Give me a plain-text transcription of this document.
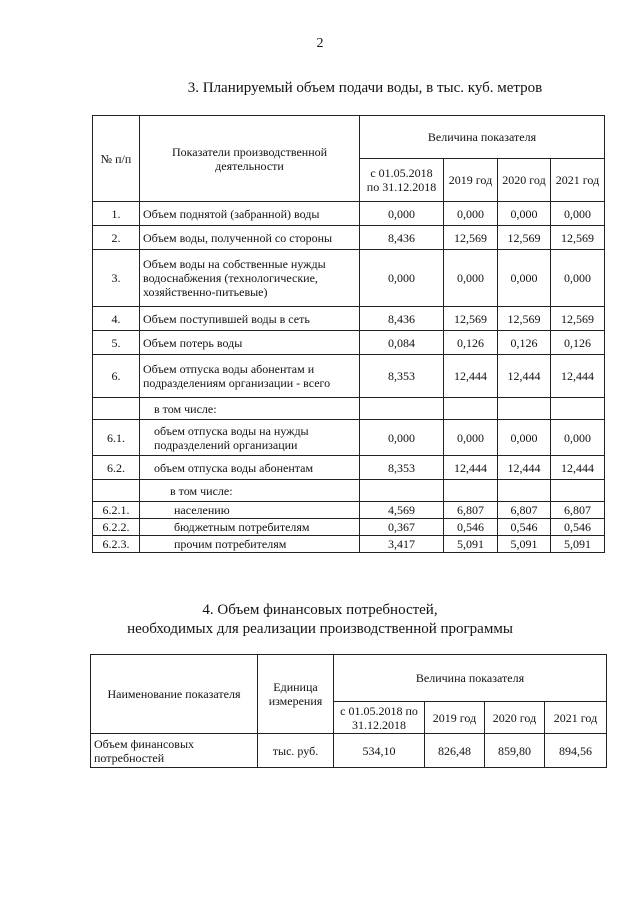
2
3. Планируемый объем подачи воды, в тыс. куб. метров
№ п/п	Показатели производственной деятельности	Величина показателя			
		с 01.05.2018 по 31.12.2018	2019 год	2020 год	2021 год
1.	Объем поднятой (забранной) воды	0,000	0,000	0,000	0,000
2.	Объем воды, полученной со стороны	8,436	12,569	12,569	12,569
3.	Объем воды на собственные нужды водоснабжения (технологические, хозяйственно-питьевые)	0,000	0,000	0,000	0,000
4.	Объем поступившей воды в сеть	8,436	12,569	12,569	12,569
5.	Объем потерь воды	0,084	0,126	0,126	0,126
6.	Объем отпуска воды абонентам и подразделениям организации - всего	8,353	12,444	12,444	12,444
	в том числе:				
6.1.	объем отпуска воды на нужды подразделений организации	0,000	0,000	0,000	0,000
6.2.	объем отпуска воды абонентам	8,353	12,444	12,444	12,444
	в том числе:				
6.2.1.	населению	4,569	6,807	6,807	6,807
6.2.2.	бюджетным потребителям	0,367	0,546	0,546	0,546
6.2.3.	прочим потребителям	3,417	5,091	5,091	5,091
4. Объем финансовых потребностей,
необходимых для реализации производственной программы
Наименование показателя	Единица измерения	Величина показателя			
		с 01.05.2018 по 31.12.2018	2019 год	2020 год	2021 год
Объем финансовых потребностей	тыс. руб.	534,10	826,48	859,80	894,56
